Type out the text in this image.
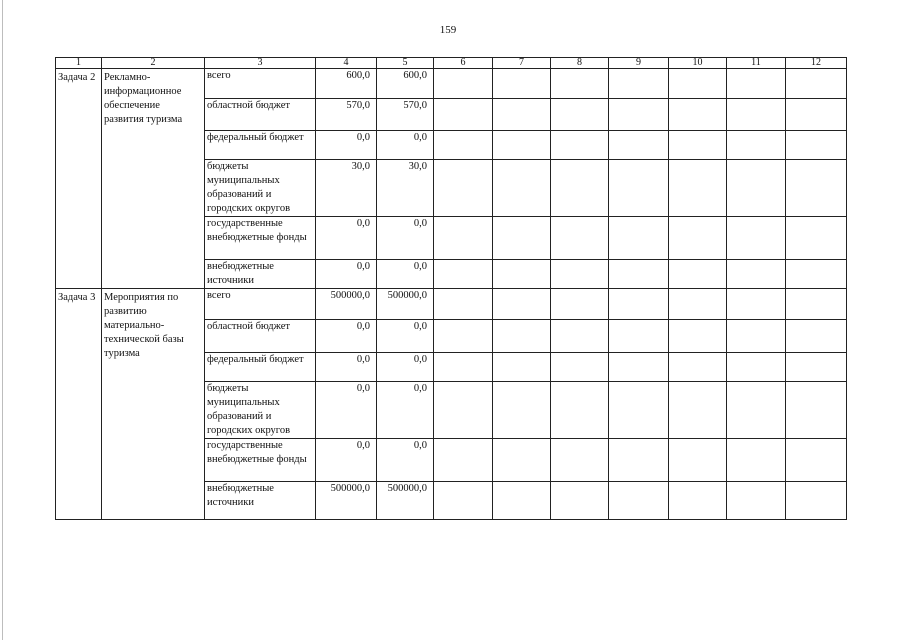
159
1	2	3	4	5	6	7	8	9	10	11	12
Задача 2	Рекламно-информационное обеспечение развития туризма	всего	600,0	600,0							
		областной бюджет	570,0	570,0							
		федеральный бюджет	0,0	0,0							
		бюджеты муниципальных образований и городских округов	30,0	30,0							
		государственные внебюджетные фонды	0,0	0,0							
		внебюджетные источники	0,0	0,0							
Задача 3	Мероприятия по развитию материально-технической базы туризма	всего	500000,0	500000,0							
		областной бюджет	0,0	0,0							
		федеральный бюджет	0,0	0,0							
		бюджеты муниципальных образований и городских округов	0,0	0,0							
		государственные внебюджетные фонды	0,0	0,0							
		внебюджетные источники	500000,0	500000,0							
